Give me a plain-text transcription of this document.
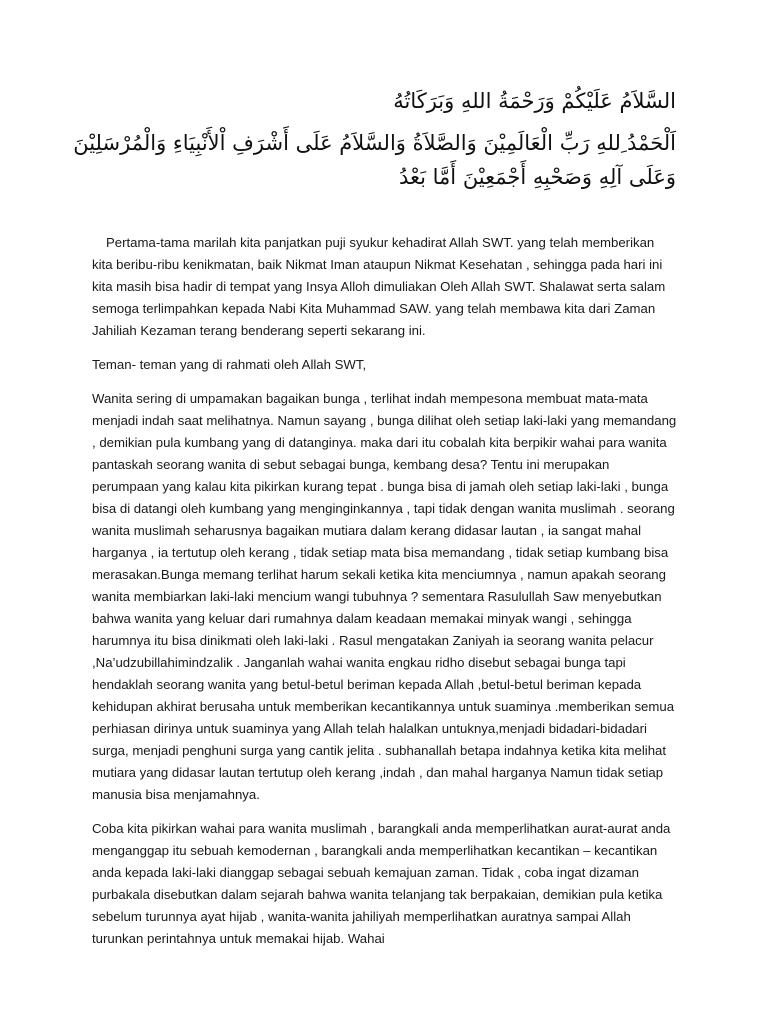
السَّلاَمُ عَلَيْكُمْ وَرَحْمَةُ اللهِ وَبَرَكَاتُهُ
اَلْحَمْدُ ِللهِ رَبِّ الْعَالَمِيْنَ وَالصَّلاَةُ وَالسَّلاَمُ عَلَى أَشْرَفِ اْلأَنْبِيَاءِ وَالْمُرْسَلِيْنَ وَعَلَى آلِهِ وَصَحْبِهِ أَجْمَعِيْنَ أَمَّا بَعْدُ

Pertama-tama marilah kita panjatkan puji syukur kehadirat Allah SWT. yang telah memberikan kita beribu-ribu kenikmatan, baik Nikmat Iman ataupun Nikmat Kesehatan , sehingga pada hari ini kita masih bisa hadir di tempat yang Insya Alloh dimuliakan Oleh Allah SWT. Shalawat serta salam semoga terlimpahkan kepada Nabi Kita Muhammad SAW. yang telah membawa kita dari Zaman Jahiliah Kezaman terang benderang seperti sekarang ini.

Teman- teman yang di rahmati oleh Allah SWT,

Wanita sering di umpamakan bagaikan bunga , terlihat indah mempesona membuat mata-mata menjadi indah saat melihatnya. Namun sayang , bunga dilihat oleh setiap laki-laki yang memandang , demikian pula kumbang yang di datanginya. maka dari itu cobalah kita berpikir wahai para wanita pantaskah seorang wanita di sebut sebagai bunga, kembang desa? Tentu ini merupakan perumpaan yang kalau kita pikirkan kurang tepat . bunga bisa di jamah oleh setiap laki-laki , bunga bisa di datangi oleh kumbang yang menginginkannya , tapi tidak dengan wanita muslimah . seorang wanita muslimah seharusnya bagaikan mutiara dalam kerang didasar lautan , ia sangat mahal harganya , ia tertutup oleh kerang , tidak setiap mata bisa memandang , tidak setiap kumbang bisa merasakan.Bunga memang terlihat harum sekali ketika kita menciumnya , namun apakah seorang wanita membiarkan laki-laki mencium wangi tubuhnya ? sementara Rasulullah Saw menyebutkan bahwa wanita yang keluar dari rumahnya dalam keadaan memakai minyak wangi , sehingga harumnya itu bisa dinikmati oleh laki-laki . Rasul mengatakan Zaniyah ia seorang wanita pelacur ,Na’udzubillahimindzalik . Janganlah wahai wanita engkau ridho disebut sebagai bunga tapi hendaklah seorang wanita yang betul-betul beriman kepada Allah ,betul-betul beriman kepada kehidupan akhirat berusaha untuk memberikan kecantikannya untuk suaminya .memberikan semua perhiasan dirinya untuk suaminya yang Allah telah halalkan untuknya,menjadi bidadari-bidadari surga, menjadi penghuni surga yang cantik jelita . subhanallah betapa indahnya ketika kita melihat mutiara yang didasar lautan tertutup oleh kerang ,indah , dan mahal harganya Namun tidak setiap manusia bisa menjamahnya.

Coba kita pikirkan wahai para wanita muslimah , barangkali anda memperlihatkan aurat-aurat anda menganggap itu sebuah kemodernan , barangkali anda memperlihatkan kecantikan – kecantikan anda kepada laki-laki dianggap sebagai sebuah kemajuan zaman. Tidak , coba ingat dizaman purbakala disebutkan dalam sejarah bahwa wanita telanjang tak berpakaian, demikian pula ketika sebelum turunnya ayat hijab , wanita-wanita jahiliyah memperlihatkan auratnya sampai Allah turunkan perintahnya untuk memakai hijab. Wahai
